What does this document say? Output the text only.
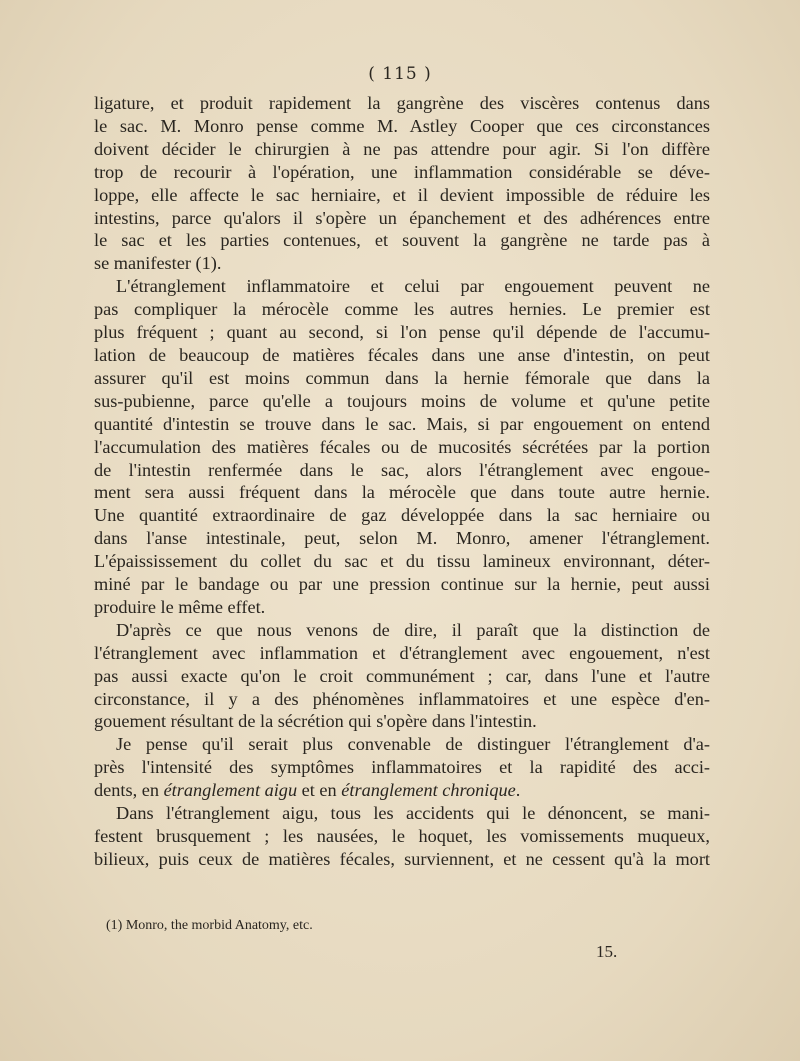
( 115 )
ligature, et produit rapidement la gangrène des viscères contenus dans
le sac. M. Monro pense comme M. Astley Cooper que ces circonstances
doivent décider le chirurgien à ne pas attendre pour agir. Si l'on diffère
trop de recourir à l'opération, une inflammation considérable se déve-
loppe, elle affecte le sac herniaire, et il devient impossible de réduire les
intestins, parce qu'alors il s'opère un épanchement et des adhérences entre
le sac et les parties contenues, et souvent la gangrène ne tarde pas à
se manifester (1).
L'étranglement inflammatoire et celui par engouement peuvent ne
pas compliquer la mérocèle comme les autres hernies. Le premier est
plus fréquent ; quant au second, si l'on pense qu'il dépende de l'accumu-
lation de beaucoup de matières fécales dans une anse d'intestin, on peut
assurer qu'il est moins commun dans la hernie fémorale que dans la
sus-pubienne, parce qu'elle a toujours moins de volume et qu'une petite
quantité d'intestin se trouve dans le sac. Mais, si par engouement on entend
l'accumulation des matières fécales ou de mucosités sécrétées par la portion
de l'intestin renfermée dans le sac, alors l'étranglement avec engoue-
ment sera aussi fréquent dans la mérocèle que dans toute autre hernie.
Une quantité extraordinaire de gaz développée dans la sac herniaire ou
dans l'anse intestinale, peut, selon M. Monro, amener l'étranglement.
L'épaississement du collet du sac et du tissu lamineux environnant, déter-
miné par le bandage ou par une pression continue sur la hernie, peut aussi
produire le même effet.
D'après ce que nous venons de dire, il paraît que la distinction de
l'étranglement avec inflammation et d'étranglement avec engouement, n'est
pas aussi exacte qu'on le croit communément ; car, dans l'une et l'autre
circonstance, il y a des phénomènes inflammatoires et une espèce d'en-
gouement résultant de la sécrétion qui s'opère dans l'intestin.
Je pense qu'il serait plus convenable de distinguer l'étranglement d'a-
près l'intensité des symptômes inflammatoires et la rapidité des acci-
dents, en étranglement aigu et en étranglement chronique.
Dans l'étranglement aigu, tous les accidents qui le dénoncent, se mani-
festent brusquement ; les nausées, le hoquet, les vomissements muqueux,
bilieux, puis ceux de matières fécales, surviennent, et ne cessent qu'à la mort
(1) Monro, the morbid Anatomy, etc.
15.
